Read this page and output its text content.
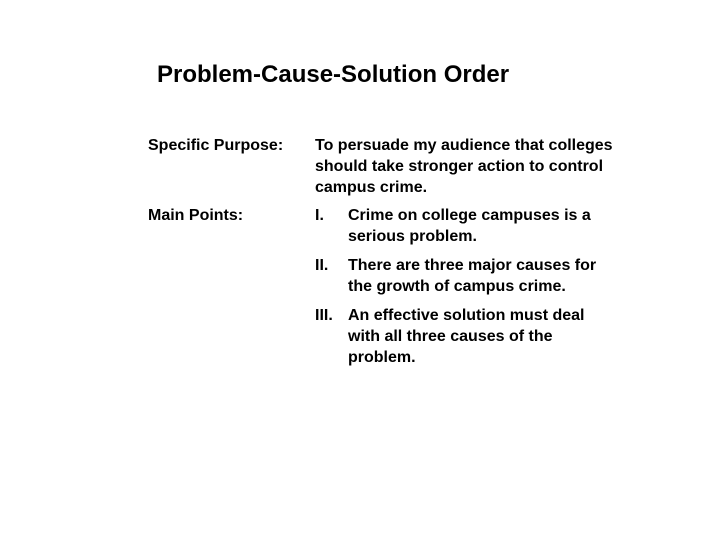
Problem-Cause-Solution Order
Specific Purpose: To persuade my audience that colleges should take stronger action to control campus crime.
Main Points:	I. Crime on college campuses is a serious problem.
II. There are three major causes for the growth of campus crime.
III. An effective solution must deal with all three causes of the problem.
